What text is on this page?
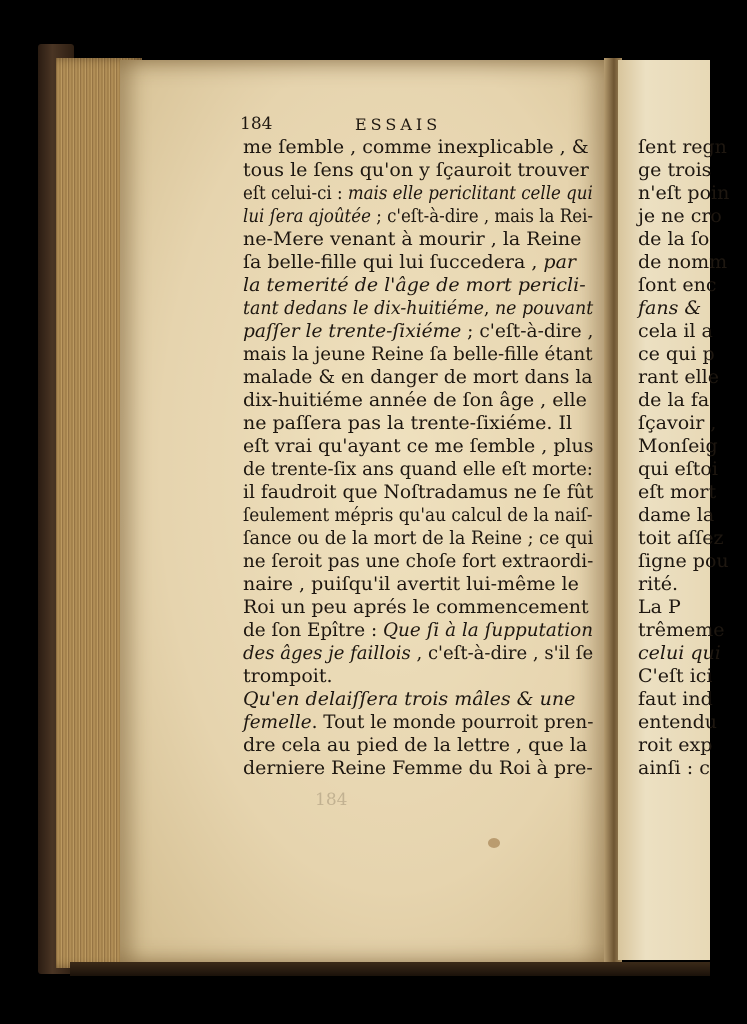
184	ESSAIS

184

me ſemble , comme inexplicable , &

tous le ſens qu'on y ſçauroit trouver

eſt celui-ci : mais elle periclitant celle qui

lui ſera ajoûtée ; c'eſt-à-dire , mais la Rei-

ne-Mere venant à mourir , la Reine

ſa belle-fille qui lui ſuccedera , par

la temerité de l'âge de mort pericli-

tant dedans le dix-huitiéme, ne pouvant

paſſer le trente-ſixiéme ; c'eſt-à-dire ,

mais la jeune Reine ſa belle-fille étant

malade & en danger de mort dans la

dix-huitiéme année de ſon âge , elle

ne paſſera pas la trente-ſixiéme. Il

eſt vrai qu'ayant ce me ſemble , plus

de trente-ſix ans quand elle eſt morte:

il faudroit que Noſtradamus ne ſe fût

ſeulement mépris qu'au calcul de la naiſ-

ſance ou de la mort de la Reine ; ce qui

ne ſeroit pas une choſe fort extraordi-

naire , puiſqu'il avertit lui-même le

Roi un peu aprés le commencement

de ſon Epître : Que ſi à la ſupputation

des âges je faillois , c'eſt-à-dire , s'il ſe

trompoit.

Qu'en delaiſſera trois mâles & une

femelle. Tout le monde pourroit pren-

dre cela au pied de la lettre , que la

derniere Reine Femme du Roi à pre-

ſent regn

ge trois

n'eſt poin

je ne cro

de la ſo

de nomm

ſont enc

fans &

cela il a

ce qui p

rant elle

de la fa

ſçavoir ,

Monſeig

qui eſtoi

eſt mort

dame la

toit aſſez

ſigne pou

rité.

La P

trêmeme

celui qui

C'eſt ici

faut ind

entendu

roit exp

ainſi : c
